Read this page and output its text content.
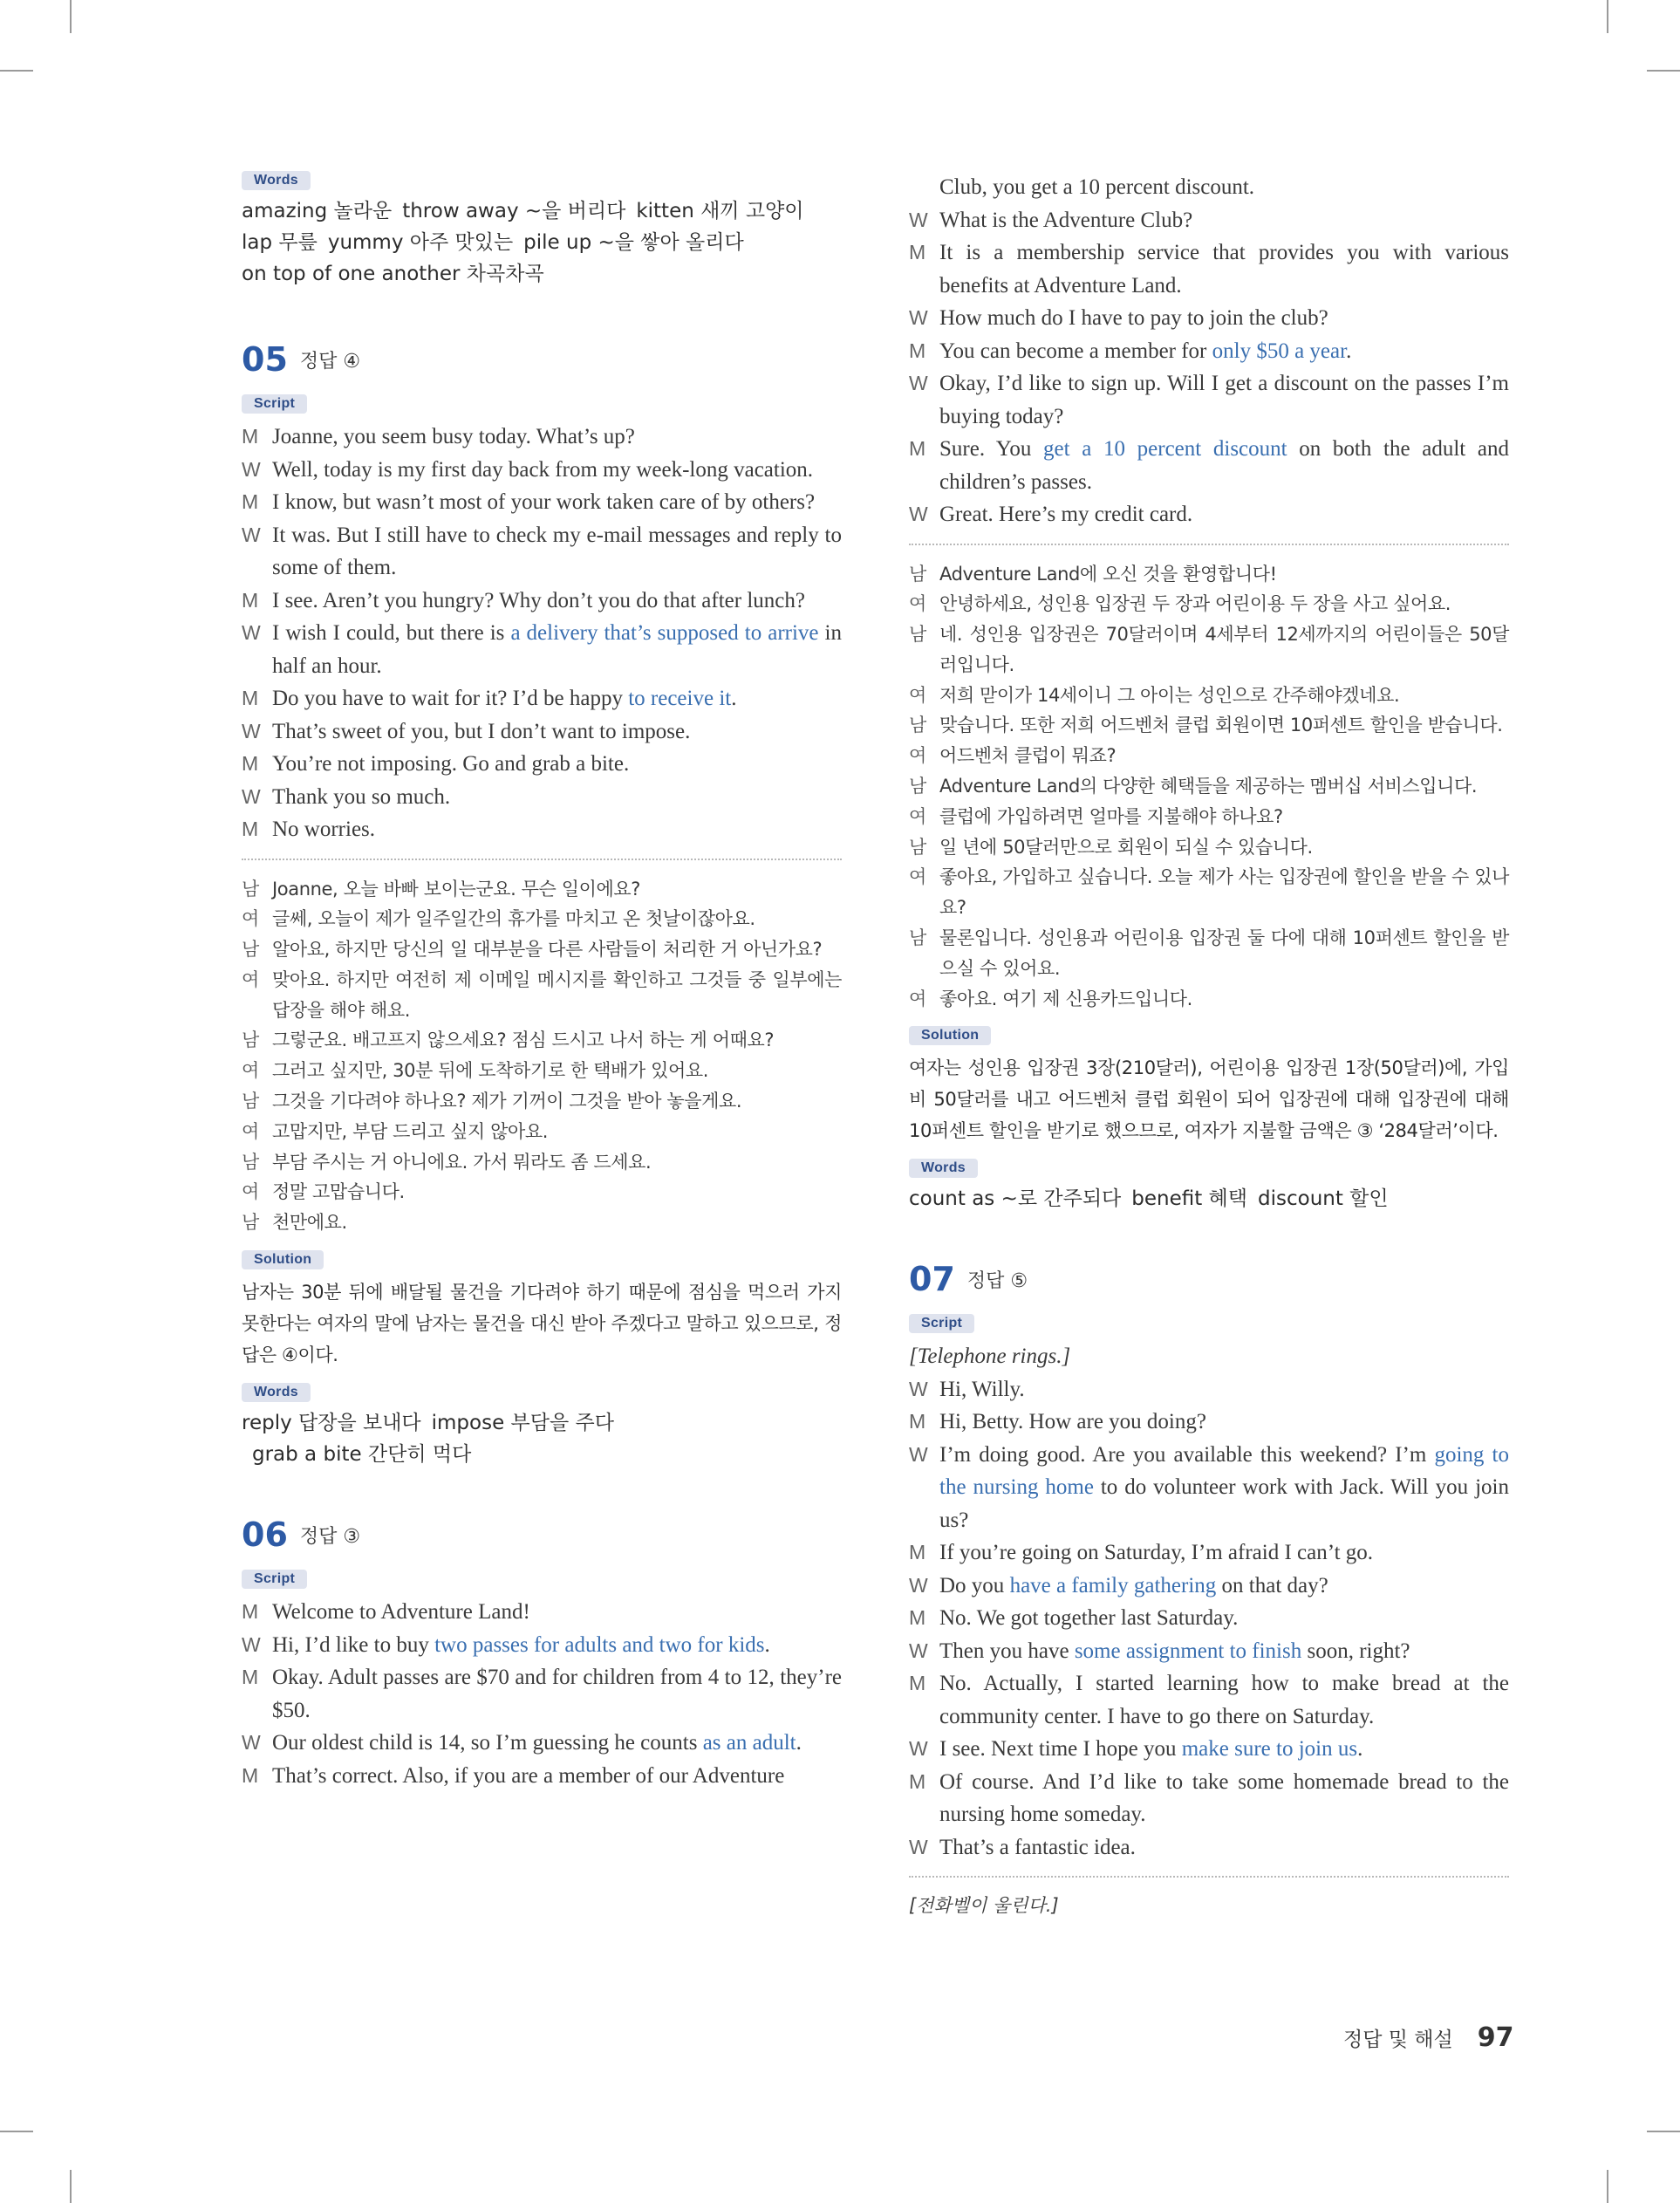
Words
amazing 놀라운 throw away ~을 버리다 kitten 새끼 고양이
lap 무릎 yummy 아주 맛있는 pile up ~을 쌓아 올리다
on top of one another 차곡차곡
05 정답 ④
Script
M Joanne, you seem busy today. What’s up?
W Well, today is my first day back from my week-long vacation.
M I know, but wasn’t most of your work taken care of by others?
W It was. But I still have to check my e-mail messages and reply to some of them.
M I see. Aren’t you hungry? Why don’t you do that after lunch?
W I wish I could, but there is a delivery that’s supposed to arrive in half an hour.
M Do you have to wait for it? I’d be happy to receive it.
W That’s sweet of you, but I don’t want to impose.
M You’re not imposing. Go and grab a bite.
W Thank you so much.
M No worries.
남 Joanne, 오늘 바빠 보이는군요. 무슨 일이에요?
여 글쎄, 오늘이 제가 일주일간의 휴가를 마치고 온 첫날이잖아요.
남 알아요, 하지만 당신의 일 대부분을 다른 사람들이 처리한 거 아닌가요?
여 맞아요. 하지만 여전히 제 이메일 메시지를 확인하고 그것들 중 일부에는 답장을 해야 해요.
남 그렇군요. 배고프지 않으세요? 점심 드시고 나서 하는 게 어때요?
여 그러고 싶지만, 30분 뒤에 도착하기로 한 택배가 있어요.
남 그것을 기다려야 하나요? 제가 기꺼이 그것을 받아 놓을게요.
여 고맙지만, 부담 드리고 싶지 않아요.
남 부담 주시는 거 아니에요. 가서 뭐라도 좀 드세요.
여 정말 고맙습니다.
남 천만에요.
Solution
남자는 30분 뒤에 배달될 물건을 기다려야 하기 때문에 점심을 먹으러 가지 못한다는 여자의 말에 남자는 물건을 대신 받아 주겠다고 말하고 있으므로, 정답은 ④이다.
Words
reply 답장을 보내다 impose 부담을 주다grab a bite 간단히 먹다
06 정답 ③
Script
M Welcome to Adventure Land!
W Hi, I’d like to buy two passes for adults and two for kids.
M Okay. Adult passes are $70 and for children from 4 to 12, they’re $50.
W Our oldest child is 14, so I’m guessing he counts as an adult.
M That’s correct. Also, if you are a member of our Adventure
Club, you get a 10 percent discount.
W What is the Adventure Club?
M It is a membership service that provides you with various benefits at Adventure Land.
W How much do I have to pay to join the club?
M You can become a member for only $50 a year.
W Okay, I’d like to sign up. Will I get a discount on the passes I’m buying today?
M Sure. You get a 10 percent discount on both the adult and children’s passes.
W Great. Here’s my credit card.
남 Adventure Land에 오신 것을 환영합니다!
여 안녕하세요, 성인용 입장권 두 장과 어린이용 두 장을 사고 싶어요.
남 네. 성인용 입장권은 70달러이며 4세부터 12세까지의 어린이들은 50달러입니다.
여 저희 맏이가 14세이니 그 아이는 성인으로 간주해야겠네요.
남 맞습니다. 또한 저희 어드벤처 클럽 회원이면 10퍼센트 할인을 받습니다.
여 어드벤처 클럽이 뭐죠?
남 Adventure Land의 다양한 혜택들을 제공하는 멤버십 서비스입니다.
여 클럽에 가입하려면 얼마를 지불해야 하나요?
남 일 년에 50달러만으로 회원이 되실 수 있습니다.
여 좋아요, 가입하고 싶습니다. 오늘 제가 사는 입장권에 할인을 받을 수 있나요?
남 물론입니다. 성인용과 어린이용 입장권 둘 다에 대해 10퍼센트 할인을 받으실 수 있어요.
여 좋아요. 여기 제 신용카드입니다.
Solution
여자는 성인용 입장권 3장(210달러), 어린이용 입장권 1장(50달러)에, 가입비 50달러를 내고 어드벤처 클럽 회원이 되어 입장권에 대해 입장권에 대해 10퍼센트 할인을 받기로 했으므로, 여자가 지불할 금액은 ③ ‘284달러’이다.
Words
count as ~로 간주되다 benefit 혜택 discount 할인
07 정답 ⑤
Script
[Telephone rings.]
W Hi, Willy.
M Hi, Betty. How are you doing?
W I’m doing good. Are you available this weekend? I’m going to the nursing home to do volunteer work with Jack. Will you join us?
M If you’re going on Saturday, I’m afraid I can’t go.
W Do you have a family gathering on that day?
M No. We got together last Saturday.
W Then you have some assignment to finish soon, right?
M No. Actually, I started learning how to make bread at the community center. I have to go there on Saturday.
W I see. Next time I hope you make sure to join us.
M Of course. And I’d like to take some homemade bread to the nursing home someday.
W That’s a fantastic idea.
[전화벨이 울린다.]
정답 및 해설 97
